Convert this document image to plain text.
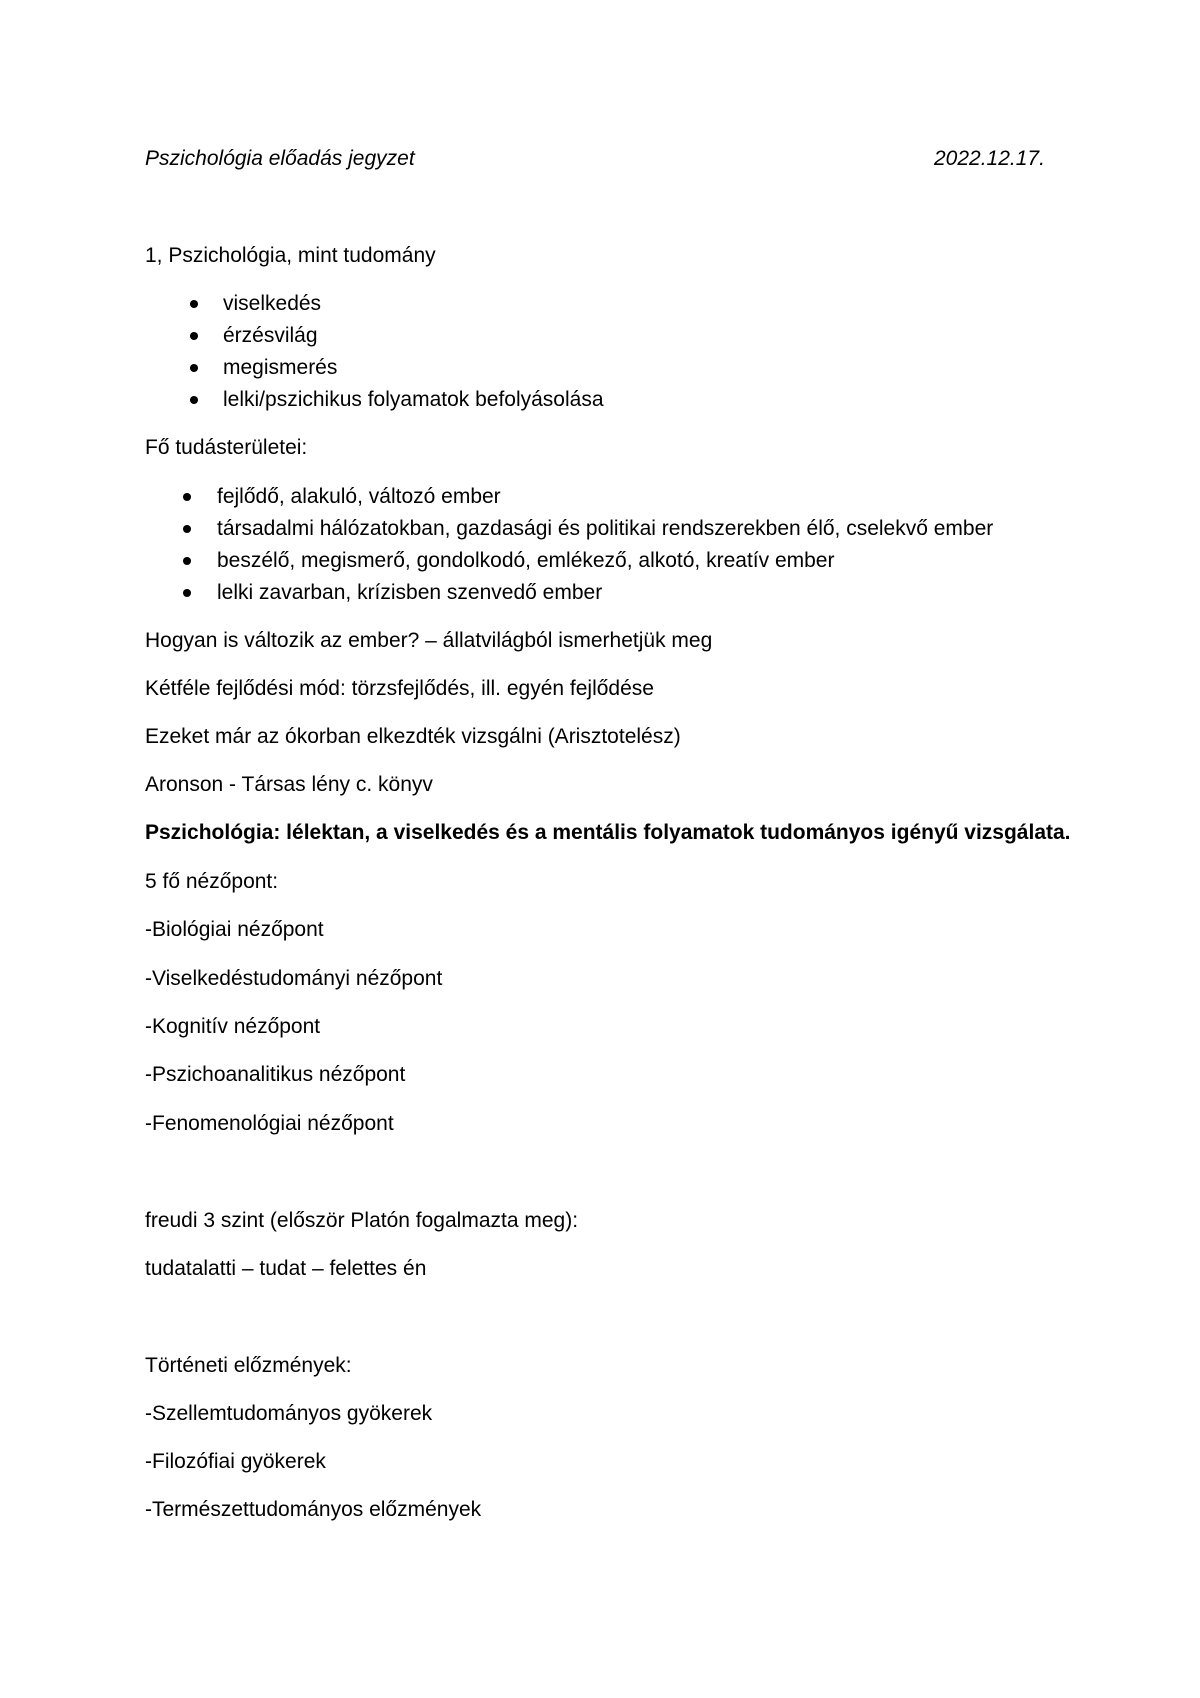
Pszichológia előadás jegyzet	2022.12.17.
1, Pszichológia, mint tudomány
viselkedés
érzésvilág
megismerés
lelki/pszichikus folyamatok befolyásolása
Fő tudásterületei:
fejlődő, alakuló, változó ember
társadalmi hálózatokban, gazdasági és politikai rendszerekben élő, cselekvő ember
beszélő, megismerő, gondolkodó, emlékező, alkotó, kreatív ember
lelki zavarban, krízisben szenvedő ember
Hogyan is változik az ember? – állatvilágból ismerhetjük meg
Kétféle fejlődési mód: törzsfejlődés, ill. egyén fejlődése
Ezeket már az ókorban elkezdték vizsgálni (Arisztotelész)
Aronson - Társas lény c. könyv
Pszichológia: lélektan, a viselkedés és a mentális folyamatok tudományos igényű vizsgálata.
5 fő nézőpont:
-Biológiai nézőpont
-Viselkedéstudományi nézőpont
-Kognitív nézőpont
-Pszichoanalitikus nézőpont
-Fenomenológiai nézőpont
freudi 3 szint (először Platón fogalmazta meg):
tudatalatti – tudat – felettes én
Történeti előzmények:
-Szellemtudományos gyökerek
-Filozófiai gyökerek
-Természettudományos előzmények
